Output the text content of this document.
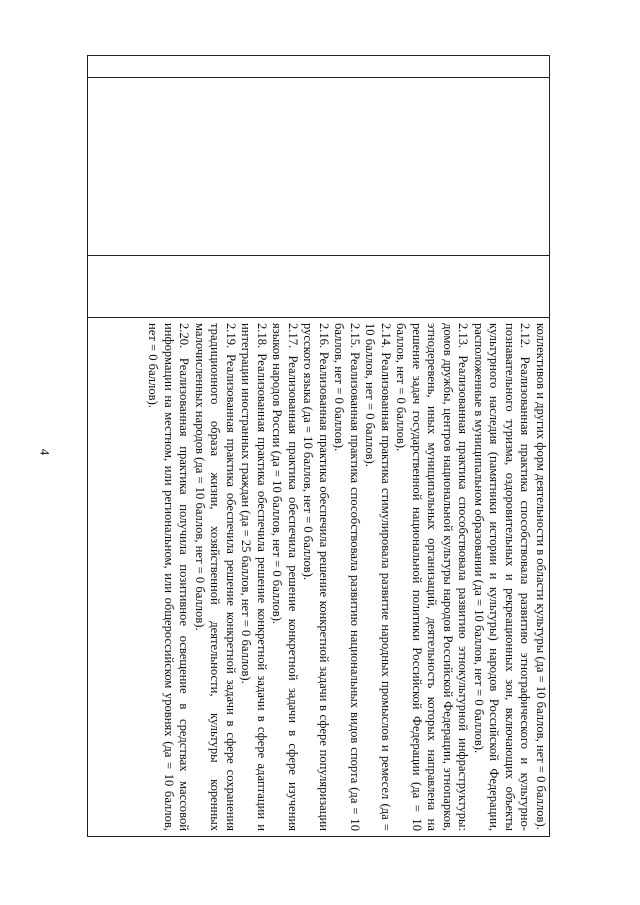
4
				коллективов и других форм деятельности в области культуры (да = 10 баллов, нет = 0 баллов).

2.12. Реализованная практика способствовала развитию этнографического и культурно-познавательного туризма, оздоровительных и рекреационных зон, включающих объекты культурного наследия (памятники истории и культуры) народов Российской Федерации, расположенные в муниципальном образовании (да = 10 баллов, нет = 0 баллов).

2.13. Реализованная практика способствовала развитию этнокультурной инфраструктуры: домов дружбы, центров национальной культуры народов Российской Федерации, этнопарков, этнодеревень, иных муниципальных организаций, деятельность которых направлена на решение задач государственной национальной политики Российской Федерации (да = 10 баллов, нет = 0 баллов).

2.14. Реализованная практика стимулировала развитие народных промыслов и ремесел (да = 10 баллов, нет = 0 баллов).

2.15. Реализованная практика способствовала развитию национальных видов спорта (да = 10 баллов, нет = 0 баллов).

2.16. Реализованная практика обеспечила решение конкретной задачи в сфере популяризации русского языка (да = 10 баллов, нет = 0 баллов).

2.17. Реализованная практика обеспечила решение конкретной задачи в сфере изучения языков народов России (да = 10 баллов, нет = 0 баллов).

2.18. Реализованная практика обеспечила решение конкретной задачи в сфере адаптации и интеграции иностранных граждан (да = 25 баллов, нет = 0 баллов).

2.19. Реализованная практика обеспечила решение конкретной задачи в сфере сохранения традиционного образа жизни, хозяйственной деятельности, культуры коренных малочисленных народов (да = 10 баллов, нет = 0 баллов).

2.20. Реализованная практика получила позитивное освещение в средствах массовой информации на местном, или региональном, или общероссийском уровнях (да = 10 баллов, нет = 0 баллов).
